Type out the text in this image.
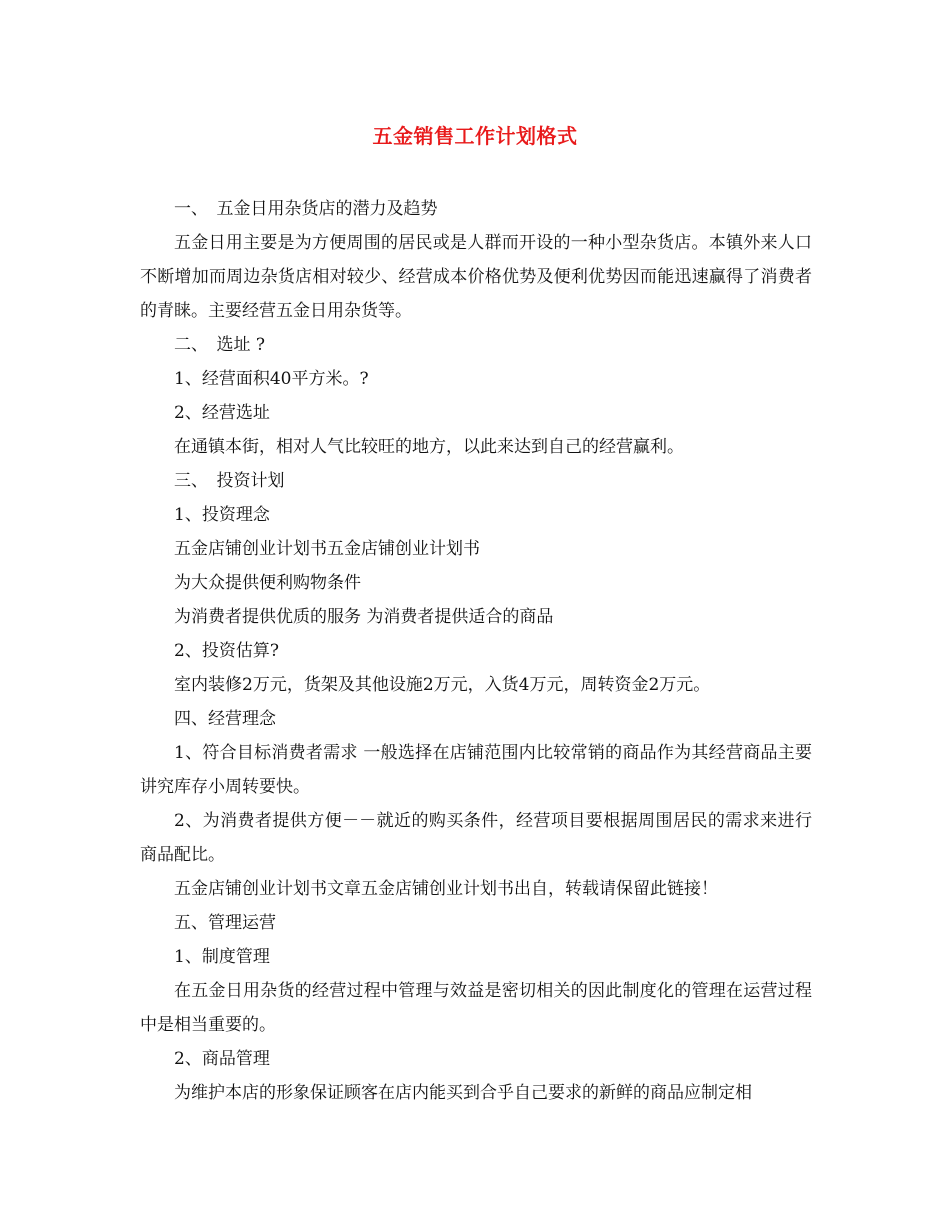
五金销售工作计划格式

一、　五金日用杂货店的潜力及趋势

五金日用主要是为方便周围的居民或是人群而开设的一种小型杂货店。本镇外来人口不断增加而周边杂货店相对较少、经营成本价格优势及便利优势因而能迅速赢得了消费者的青睐。主要经营五金日用杂货等。

二、　选址 ?

1、经营面积40平方米。?

2、经营选址

在通镇本街，相对人气比较旺的地方，以此来达到自己的经营赢利。

三、　投资计划

1、投资理念

五金店铺创业计划书五金店铺创业计划书

为大众提供便利购物条件

为消费者提供优质的服务 为消费者提供适合的商品

2、投资估算?

室内装修2万元，货架及其他设施2万元，入货4万元，周转资金2万元。

四、经营理念

1、符合目标消费者需求 一般选择在店铺范围内比较常销的商品作为其经营商品主要讲究库存小周转要快。

2、为消费者提供方便－－就近的购买条件，经营项目要根据周围居民的需求来进行商品配比。

五金店铺创业计划书文章五金店铺创业计划书出自，转载请保留此链接！

五、管理运营

1、制度管理

在五金日用杂货的经营过程中管理与效益是密切相关的因此制度化的管理在运营过程中是相当重要的。

2、商品管理

为维护本店的形象保证顾客在店内能买到合乎自己要求的新鲜的商品应制定相
